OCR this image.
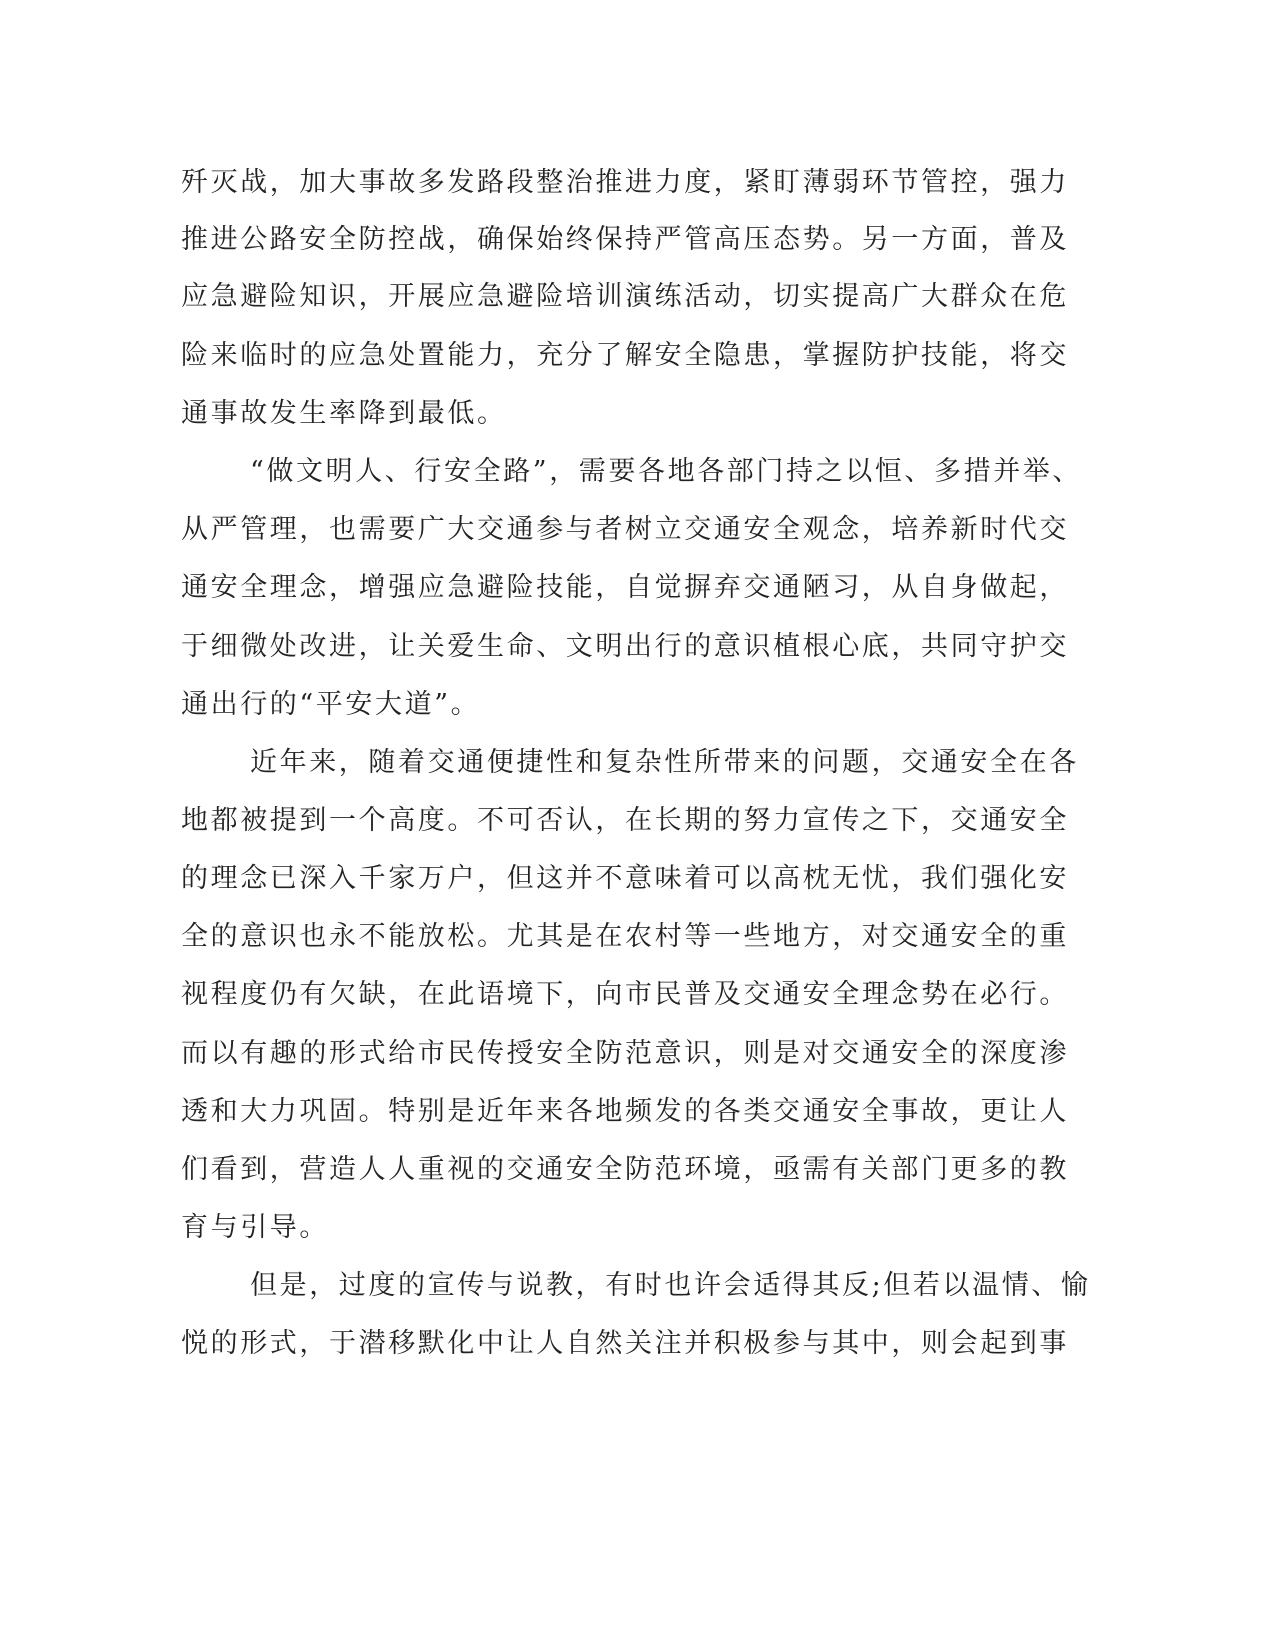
歼灭战，加大事故多发路段整治推进力度，紧盯薄弱环节管控，强力

推进公路安全防控战，确保始终保持严管高压态势。另一方面，普及

应急避险知识，开展应急避险培训演练活动，切实提高广大群众在危

险来临时的应急处置能力，充分了解安全隐患，掌握防护技能，将交

通事故发生率降到最低。

“做文明人、行安全路”，需要各地各部门持之以恒、多措并举、

从严管理，也需要广大交通参与者树立交通安全观念，培养新时代交

通安全理念，增强应急避险技能，自觉摒弃交通陋习，从自身做起，

于细微处改进，让关爱生命、文明出行的意识植根心底，共同守护交

通出行的“平安大道”。

近年来，随着交通便捷性和复杂性所带来的问题，交通安全在各

地都被提到一个高度。不可否认，在长期的努力宣传之下，交通安全

的理念已深入千家万户，但这并不意味着可以高枕无忧，我们强化安

全的意识也永不能放松。尤其是在农村等一些地方，对交通安全的重

视程度仍有欠缺，在此语境下，向市民普及交通安全理念势在必行。

而以有趣的形式给市民传授安全防范意识，则是对交通安全的深度渗

透和大力巩固。特别是近年来各地频发的各类交通安全事故，更让人

们看到，营造人人重视的交通安全防范环境，亟需有关部门更多的教

育与引导。

但是，过度的宣传与说教，有时也许会适得其反;但若以温情、愉

悦的形式，于潜移默化中让人自然关注并积极参与其中，则会起到事
